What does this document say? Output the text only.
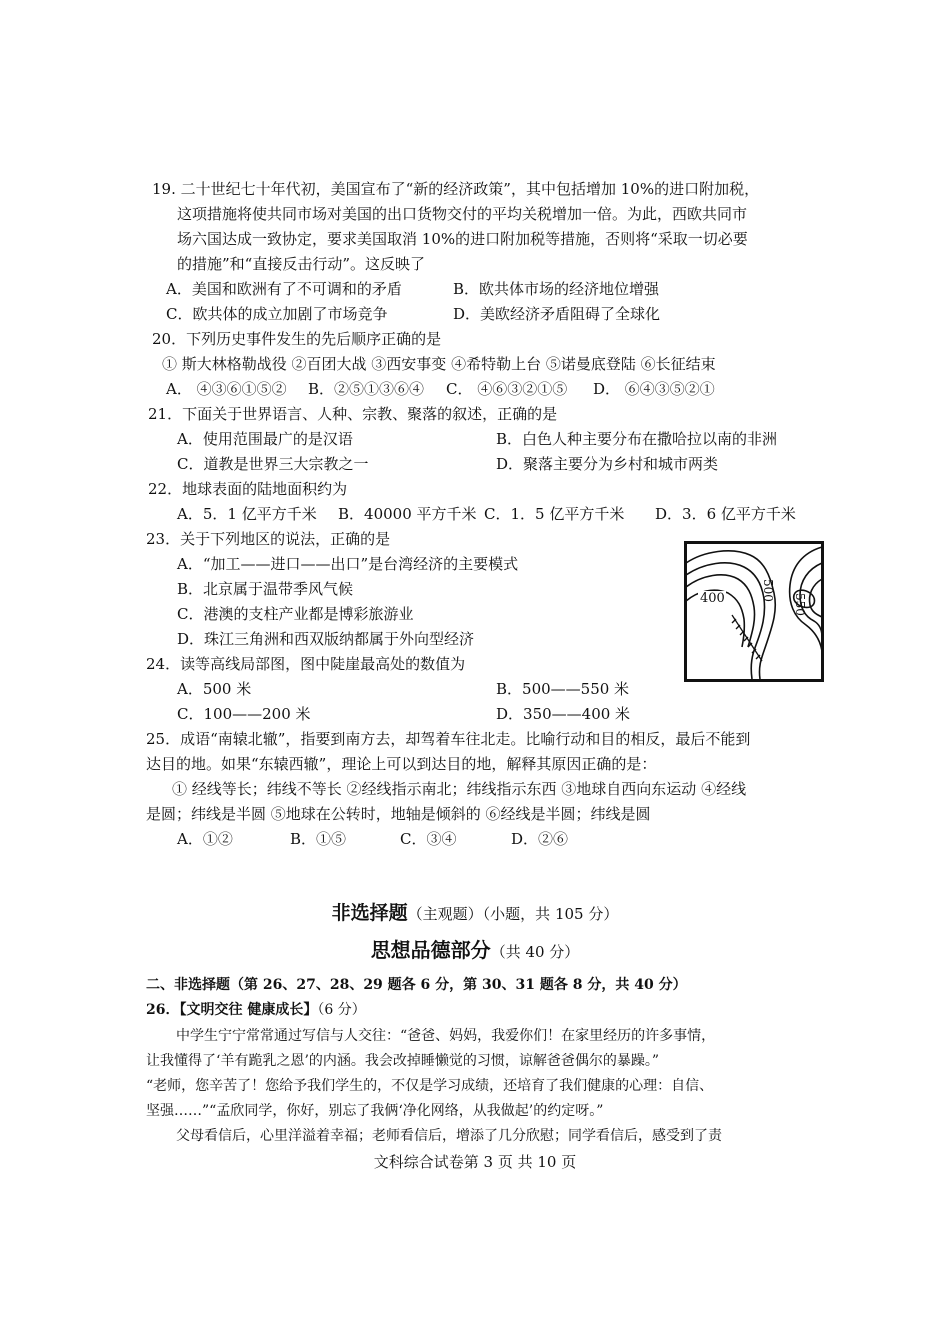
19. 二十世纪七十年代初，美国宣布了“新的经济政策”，其中包括增加 10%的进口附加税，
这项措施将使共同市场对美国的出口货物交付的平均关税增加一倍。为此，西欧共同市
场六国达成一致协定，要求美国取消 10%的进口附加税等措施，否则将“采取一切必要
的措施”和“直接反击行动”。这反映了
A．美国和欧洲有了不可调和的矛盾	B．欧共体市场的经济地位增强
C．欧共体的成立加剧了市场竞争	D．美欧经济矛盾阻碍了全球化
20．下列历史事件发生的先后顺序正确的是
① 斯大林格勒战役 ②百团大战 ③西安事变 ④希特勒上台 ⑤诺曼底登陆 ⑥长征结束
A． ④③⑥①⑤② B．②⑤①③⑥④ C． ④⑥③②①⑤ D． ⑥④③⑤②①
21．下面关于世界语言、人种、宗教、聚落的叙述，正确的是
A．使用范围最广的是汉语	B．白色人种主要分布在撒哈拉以南的非洲
C．道教是世界三大宗教之一	D．聚落主要分为乡村和城市两类
22．地球表面的陆地面积约为
A．5．1 亿平方千米 B．40000 平方千米 C．1．5 亿平方千米 D．3．6 亿平方千米
23．关于下列地区的说法，正确的是
A．“加工——进口——出口”是台湾经济的主要模式
B．北京属于温带季风气候
C．港澳的支柱产业都是博彩旅游业
D．珠江三角洲和西双版纳都属于外向型经济
400	500
550
24．读等高线局部图，图中陡崖最高处的数值为
A．500 米	B．500——550 米
C．100——200 米	D．350——400 米
25．成语“南辕北辙”，指要到南方去，却驾着车往北走。比喻行动和目的相反，最后不能到
达目的地。如果“东辕西辙”，理论上可以到达目的地，解释其原因正确的是：
① 经线等长；纬线不等长 ②经线指示南北；纬线指示东西 ③地球自西向东运动 ④经线
是圆；纬线是半圆 ⑤地球在公转时，地轴是倾斜的 ⑥经线是半圆；纬线是圆
A．①②	B．①⑤	C．③④	D．②⑥
非选择题（主观题）（小题，共 105 分）
思想品德部分（共 40 分）
二、非选择题（第 26、27、28、29 题各 6 分，第 30、31 题各 8 分，共 40 分）
26．【文明交往 健康成长】（6 分）
中学生宁宁常常通过写信与人交往：“爸爸、妈妈，我爱你们！在家里经历的许多事情，
让我懂得了‘羊有跪乳之恩’的内涵。我会改掉睡懒觉的习惯，谅解爸爸偶尔的暴躁。”
“老师，您辛苦了！您给予我们学生的，不仅是学习成绩，还培育了我们健康的心理：自信、
坚强……”“孟欣同学，你好，别忘了我俩‘净化网络，从我做起’的约定呀。”
父母看信后，心里洋溢着幸福；老师看信后，增添了几分欣慰；同学看信后，感受到了责
文科综合试卷第 3 页 共 10 页
